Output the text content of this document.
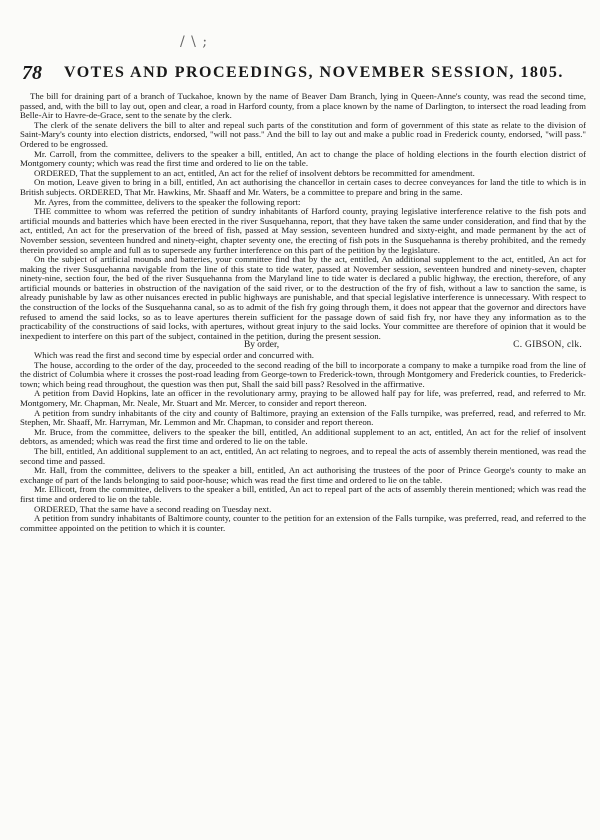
/ \ ;
78 VOTES AND PROCEEDINGS, NOVEMBER SESSION, 1805.

The bill for draining part of a branch of Tuckahoe, known by the name of Beaver Dam Branch, lying in Queen-Anne's county, was read the second time, passed, and, with the bill to lay out, open and clear, a road in Harford county, from a place known by the name of Darlington, to intersect the road leading from Belle-Air to Havre-de-Grace, sent to the senate by the clerk.

The clerk of the senate delivers the bill to alter and repeal such parts of the constitution and form of government of this state as relate to the division of Saint-Mary's county into election districts, endorsed, "will not pass." And the bill to lay out and make a public road in Frederick county, endorsed, "will pass." Ordered to be engrossed.

Mr. Carroll, from the committee, delivers to the speaker a bill, entitled, An act to change the place of holding elections in the fourth election district of Montgomery county; which was read the first time and ordered to lie on the table.

ORDERED, That the supplement to an act, entitled, An act for the relief of insolvent debtors be recommitted for amendment.

On motion, Leave given to bring in a bill, entitled, An act authorising the chancellor in certain cases to decree conveyances for land the title to which is in British subjects. ORDERED, That Mr. Hawkins, Mr. Shaaff and Mr. Waters, be a committee to prepare and bring in the same.

Mr. Ayres, from the committee, delivers to the speaker the following report:

THE committee to whom was referred the petition of sundry inhabitants of Harford county, praying legislative interference relative to the fish pots and artificial mounds and batteries which have been erected in the river Susquehanna, report, that they have taken the same under consideration, and find that by the act, entitled, An act for the preservation of the breed of fish, passed at May session, seventeen hundred and sixty-eight, and made permanent by the act of November session, seventeen hundred and ninety-eight, chapter seventy one, the erecting of fish pots in the Susquehanna is thereby prohibited, and the remedy therein provided so ample and full as to supersede any further interference on this part of the petition by the legislature.

On the subject of artificial mounds and batteries, your committee find that by the act, entitled, An additional supplement to the act, entitled, An act for making the river Susquehanna navigable from the line of this state to tide water, passed at November session, seventeen hundred and ninety-seven, chapter ninety-nine, section four, the bed of the river Susquehanna from the Maryland line to tide water is declared a public highway, the erection, therefore, of any artificial mounds or batteries in obstruction of the navigation of the said river, or to the destruction of the fry of fish, without a law to sanction the same, is already punishable by law as other nuisances erected in public highways are punishable, and that special legislative interference is unnecessary. With respect to the construction of the locks of the Susquehanna canal, so as to admit of the fish fry going through them, it does not appear that the governor and directors have refused to amend the said locks, so as to leave apertures therein sufficient for the passage down of said fish fry, nor have they any information as to the practicability of the constructions of said locks, with apertures, without great injury to the said locks. Your committee are therefore of opinion that it would be inexpedient to interfere on this part of the subject, contained in the petition, during the present session.

By order,	C. GIBSON, clk.

Which was read the first and second time by especial order and concurred with.

The house, according to the order of the day, proceeded to the second reading of the bill to incorporate a company to make a turnpike road from the line of the district of Columbia where it crosses the post-road leading from George-town to Frederick-town, through Montgomery and Frederick counties, to Frederick-town; which being read throughout, the question was then put, Shall the said bill pass? Resolved in the affirmative.

A petition from David Hopkins, late an officer in the revolutionary army, praying to be allowed half pay for life, was preferred, read, and referred to Mr. Montgomery, Mr. Chapman, Mr. Neale, Mr. Stuart and Mr. Mercer, to consider and report thereon.

A petition from sundry inhabitants of the city and county of Baltimore, praying an extension of the Falls turnpike, was preferred, read, and referred to Mr. Stephen, Mr. Shaaff, Mr. Harryman, Mr. Lemmon and Mr. Chapman, to consider and report thereon.

Mr. Bruce, from the committee, delivers to the speaker the bill, entitled, An additional supplement to an act, entitled, An act for the relief of insolvent debtors, as amended; which was read the first time and ordered to lie on the table.

The bill, entitled, An additional supplement to an act, entitled, An act relating to negroes, and to repeal the acts of assembly therein mentioned, was read the second time and passed.

Mr. Hall, from the committee, delivers to the speaker a bill, entitled, An act authorising the trustees of the poor of Prince George's county to make an exchange of part of the lands belonging to said poor-house; which was read the first time and ordered to lie on the table.

Mr. Ellicott, from the committee, delivers to the speaker a bill, entitled, An act to repeal part of the acts of assembly therein mentioned; which was read the first time and ordered to lie on the table.

ORDERED, That the same have a second reading on Tuesday next.

A petition from sundry inhabitants of Baltimore county, counter to the petition for an extension of the Falls turnpike, was preferred, read, and referred to the committee appointed on the petition to which it is counter.
